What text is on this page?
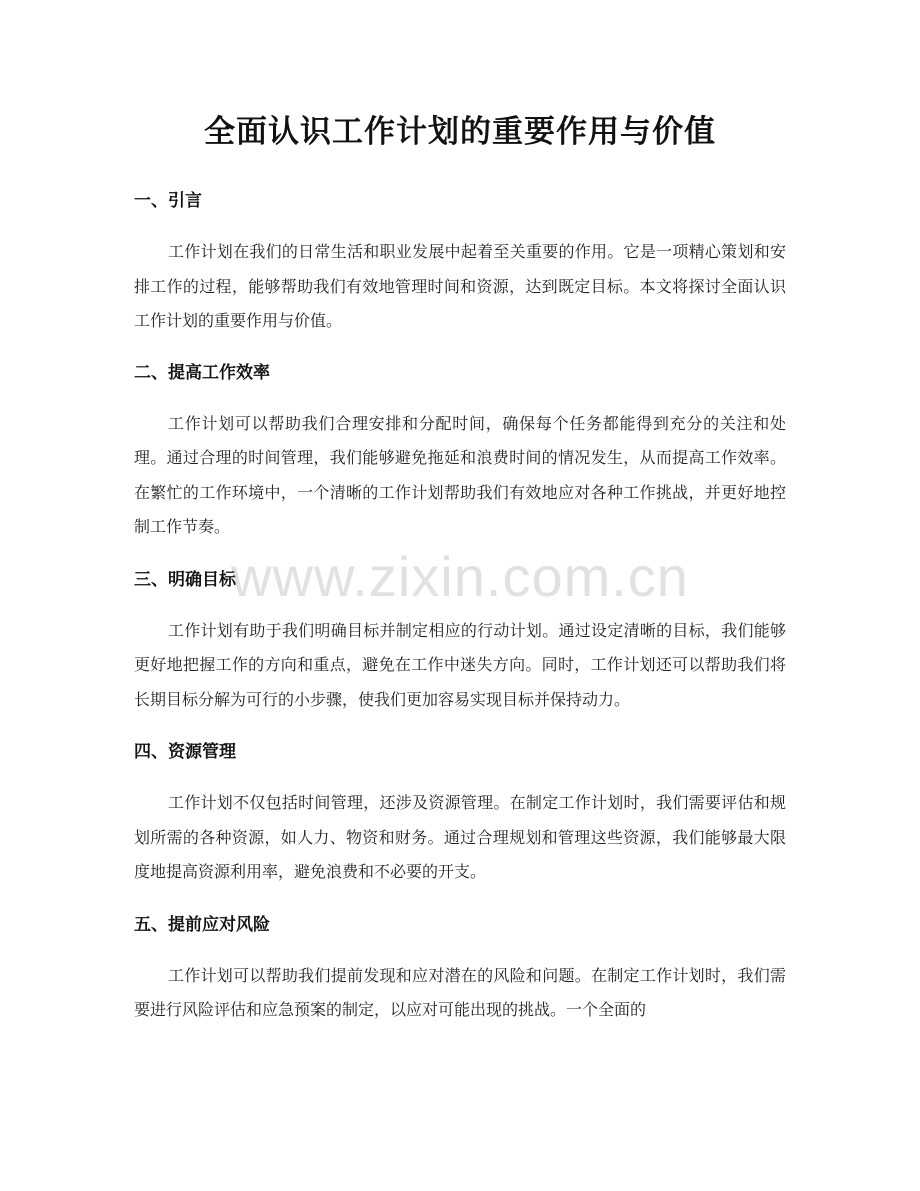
全面认识工作计划的重要作用与价值
一、引言

工作计划在我们的日常生活和职业发展中起着至关重要的作用。它是一项精心策划和安排工作的过程，能够帮助我们有效地管理时间和资源，达到既定目标。本文将探讨全面认识工作计划的重要作用与价值。

二、提高工作效率

工作计划可以帮助我们合理安排和分配时间，确保每个任务都能得到充分的关注和处理。通过合理的时间管理，我们能够避免拖延和浪费时间的情况发生，从而提高工作效率。在繁忙的工作环境中，一个清晰的工作计划帮助我们有效地应对各种工作挑战，并更好地控制工作节奏。

三、明确目标

工作计划有助于我们明确目标并制定相应的行动计划。通过设定清晰的目标，我们能够更好地把握工作的方向和重点，避免在工作中迷失方向。同时，工作计划还可以帮助我们将长期目标分解为可行的小步骤，使我们更加容易实现目标并保持动力。

四、资源管理

工作计划不仅包括时间管理，还涉及资源管理。在制定工作计划时，我们需要评估和规划所需的各种资源，如人力、物资和财务。通过合理规划和管理这些资源，我们能够最大限度地提高资源利用率，避免浪费和不必要的开支。

五、提前应对风险

工作计划可以帮助我们提前发现和应对潜在的风险和问题。在制定工作计划时，我们需要进行风险评估和应急预案的制定，以应对可能出现的挑战。一个全面的

www.zixin.com.cn
